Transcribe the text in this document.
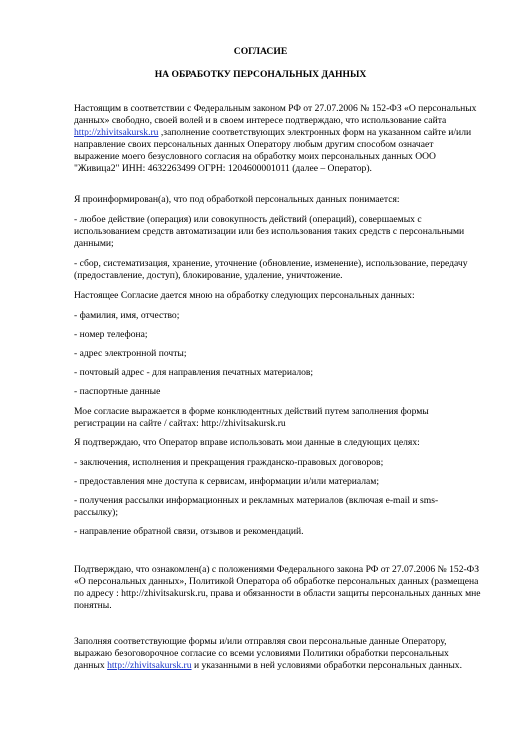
СОГЛАСИЕ
НА ОБРАБОТКУ ПЕРСОНАЛЬНЫХ ДАННЫХ

Настоящим в соответствии с Федеральным законом РФ от 27.07.2006 № 152-ФЗ «О персональных

данных» свободно, своей волей и в своем интересе подтверждаю, что использование сайта

http://zhivitsakursk.ru ,заполнение соответствующих электронных форм на указанном сайте и/или

направление своих персональных данных Оператору любым другим способом означает

выражение моего безусловного согласия на обработку моих персональных данных ООО

"Живица2" ИНН: 4632263499 ОГРН: 1204600001011 (далее – Оператор).

Я проинформирован(а), что под обработкой персональных данных понимается:

- любое действие (операция) или совокупность действий (операций), совершаемых с

использованием средств автоматизации или без использования таких средств с персональными

данными;

- сбор, систематизация, хранение, уточнение (обновление, изменение), использование, передачу

(предоставление, доступ), блокирование, удаление, уничтожение.

Настоящее Согласие дается мною на обработку следующих персональных данных:

- фамилия, имя, отчество;

- номер телефона;

- адрес электронной почты;

- почтовый адрес - для направления печатных материалов;

- паспортные данные

Мое согласие выражается в форме конклюдентных действий путем заполнения формы

регистрации на сайте / сайтах: http://zhivitsakursk.ru

Я подтверждаю, что Оператор вправе использовать мои данные в следующих целях:

- заключения, исполнения и прекращения гражданско-правовых договоров;

- предоставления мне доступа к сервисам, информации и/или материалам;

- получения рассылки информационных и рекламных материалов (включая e-mail и sms-

рассылку);

- направление обратной связи, отзывов и рекомендаций.

Подтверждаю, что ознакомлен(а) с положениями Федерального закона РФ от 27.07.2006 № 152-ФЗ

«О персональных данных», Политикой Оператора об обработке персональных данных (размещена

по адресу : http://zhivitsakursk.ru, права и обязанности в области защиты персональных данных мне

понятны.

Заполняя соответствующие формы и/или отправляя свои персональные данные Оператору,

выражаю безоговорочное согласие со всеми условиями Политики обработки персональных

данных http://zhivitsakursk.ru и указанными в ней условиями обработки персональных данных.
